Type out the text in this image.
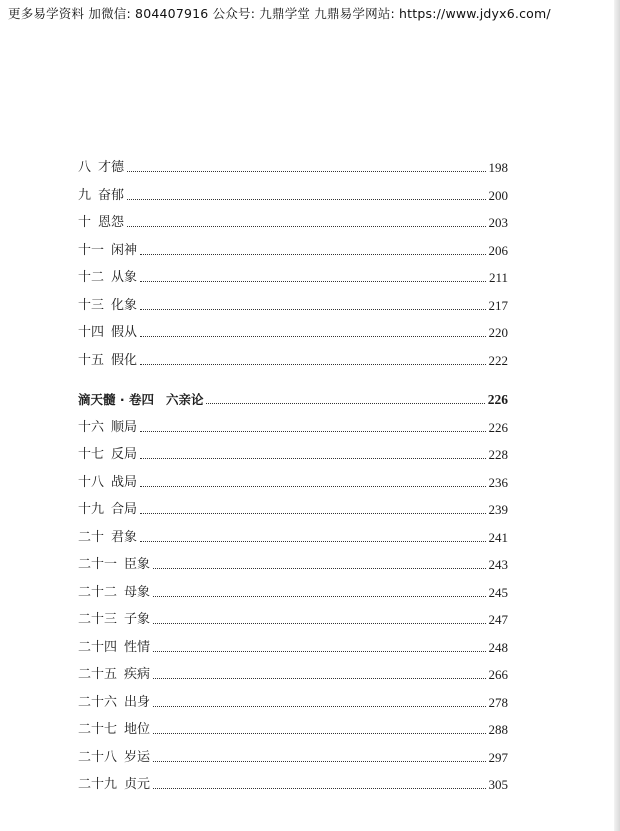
更多易学资料 加微信: 804407916 公众号: 九鼎学堂 九鼎易学网站: https://www.jdyx6.com/
八 才德	198
九 奋郁	200
十 恩怨	203
十一 闲神	206
十二 从象	211
十三 化象	217
十四 假从	220
十五 假化	222
滴天髓 · 卷四 六亲论	226
十六 顺局	226
十七 反局	228
十八 战局	236
十九 合局	239
二十 君象	241
二十一 臣象	243
二十二 母象	245
二十三 子象	247
二十四 性情	248
二十五 疾病	266
二十六 出身	278
二十七 地位	288
二十八 岁运	297
二十九 贞元	305
